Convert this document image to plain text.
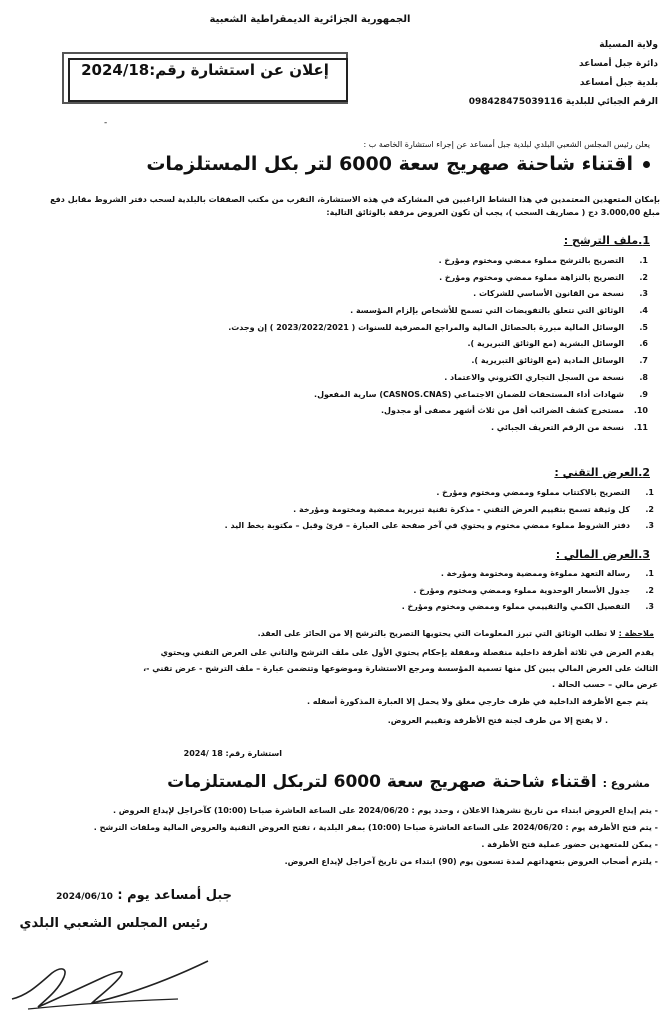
الجمهورية الجزائرية الديمقراطية الشعبية
ولاية المسيلة
دائرة جبل أمساعد
بلدية جبل أمساعد
الرقم الجبائي للبلدية 098428475039116
إعلان عن استشارة رقم:2024/18
-
يعلن رئيس المجلس الشعبي البلدي لبلدية جبل أمساعد عن إجراء استشارة الخاصة ب :
اقتناء شاحنة صهريج سعة 6000 لتر بكل المستلزمات
بإمكان المتعهدين المعتمدين في هذا النشاط الراغبين في المشاركة في هذه الاستشارة، التقرب من مكتب الصفقات بالبلدية لسحب دفتر الشروط مقابل دفع
مبلغ 3.000,00 دج ( مصاريف السحب )، يجب أن تكون العروض مرفقة بالوثائق التالية:
1.ملف الترشح :
1.التصريح بالترشح مملوء ممضي ومختوم ومؤرخ .
2.التصريح بالنزاهة مملوء ممضي ومختوم ومؤرخ .
3.نسخة من القانون الأساسي للشركات .
4.الوثائق التي تتعلق بالتفويضات التي تسمح للأشخاص بإلزام المؤسسة .
5.الوسائل المالية مبررة بالحصائل المالية والمراجع المصرفية للسنوات ( 2023/2022/2021 ) إن وجدت.
6.الوسائل البشرية (مع الوثائق التبريرية ).
7.الوسائل المادية (مع الوثائق التبريرية ).
8.نسخة من السجل التجاري الكتروني والاعتماد .
9.شهادات أداء المستحقات للضمان الاجتماعي (CASNOS.CNAS) سارية المفعول.
10.مستخرج كشف الضرائب أقل من ثلاث أشهر مصفى أو مجدول.
11.نسخة من الرقم التعريف الجبائي .
2.العرض التقني :
1.التصريح بالاكتتاب مملوء وممضي ومختوم ومؤرخ .
2.كل وثيقة تسمح بتقييم العرض التقني - مذكرة تقنية تبريرية ممضية ومختومة ومؤرخة .
3.دفتر الشروط مملوء ممضي مختوم و يحتوي في آخر صفحة على العبارة – قرئ وقبل – مكتوبة بخط اليد .
3.العرض المالي :
1.رسالة التعهد مملوءة وممضية ومختومة ومؤرخة .
2.جدول الأسعار الوحدوية مملوء وممضي ومختوم ومؤرخ .
3.التفصيل الكمي والتقييمي مملوء وممضي ومختوم ومؤرخ .
ملاحظة : لا تطلب الوثائق التي تبرز المعلومات التي يحتويها التصريح بالترشح إلا من الحائز على العقد.
يقدم العرض في ثلاثة أظرفة داخلية منفصلة ومقفلة بإحكام يحتوي الأول على ملف الترشح والثاني على العرض التقني ويحتوي
الثالث على العرض المالي يبين كل منها تسمية المؤسسة ومرجع الاستشارة وموضوعها وتتضمن عبارة – ملف الترشح - عرض تقني -،
عرض مالي – حسب الحالة .
يتم جمع الأظرفة الداخلية في ظرف خارجي مغلق ولا يحمل إلا العبارة المذكورة أسفله .
. لا يفتح إلا من طرف لجنة فتح الأظرفة وتقييم العروض.
استشارة رقم: 18 /2024
مشروع : اقتناء شاحنة صهريج سعة 6000 لتربكل المستلزمات
- يتم إيداع العروض ابتداء من تاريخ نشرهذا الاعلان ، وحدد يوم : 2024/06/20 على الساعة العاشرة صباحا (10:00) كآخراجل لإيداع العروض .
- يتم فتح الأظرفة يوم : 2024/06/20 على الساعة العاشرة صباحا (10:00) بمقر البلدية ، تفتح العروض التقنية والعروض المالية وملفات الترشح .
- يمكن للمتعهدين حضور عملية فتح الأظرفة .
- يلتزم أصحاب العروض بتعهداتهم لمدة تسعون يوم (90) ابتداء من تاريخ آخراجل لإيداع العروض.
جبل أمساعد يوم : 2024/06/10
رئيس المجلس الشعبي البلدي
